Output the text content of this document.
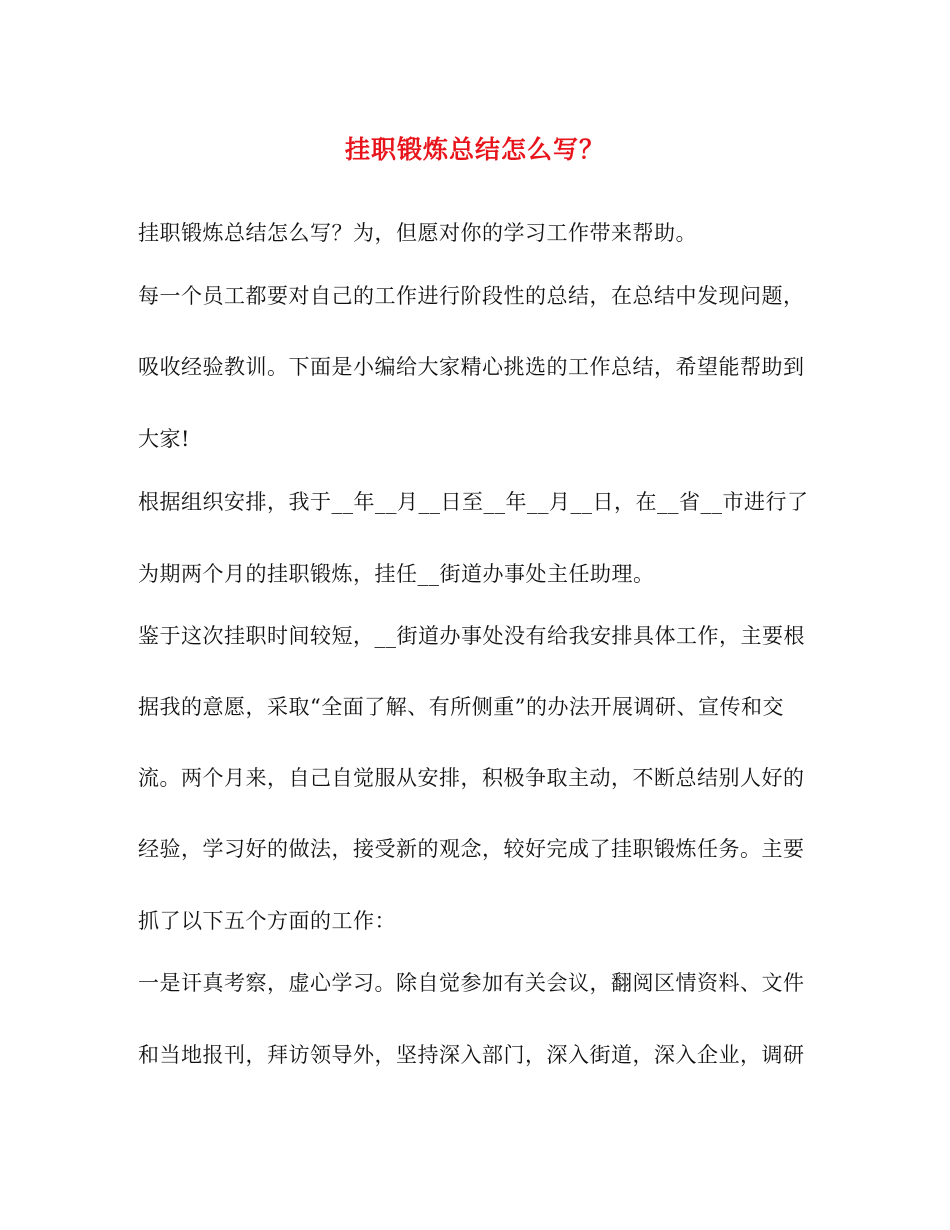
挂职锻炼总结怎么写？
挂职锻炼总结怎么写？为，但愿对你的学习工作带来帮助。
每一个员工都要对自己的工作进行阶段性的总结，在总结中发现问题，
吸收经验教训。下面是小编给大家精心挑选的工作总结，希望能帮助到
大家!
根据组织安排，我于__年__月__日至__年__月__日，在__省__市进行了
为期两个月的挂职锻炼，挂任__街道办事处主任助理。
鉴于这次挂职时间较短，__街道办事处没有给我安排具体工作，主要根
据我的意愿，采取“全面了解、有所侧重”的办法开展调研、宣传和交
流。两个月来，自己自觉服从安排，积极争取主动，不断总结别人好的
经验，学习好的做法，接受新的观念，较好完成了挂职锻炼任务。主要
抓了以下五个方面的工作：
一是讦真考察，虚心学习。除自觉参加有关会议，翻阅区情资料、文件
和当地报刊，拜访领导外，坚持深入部门，深入街道，深入企业，调研
